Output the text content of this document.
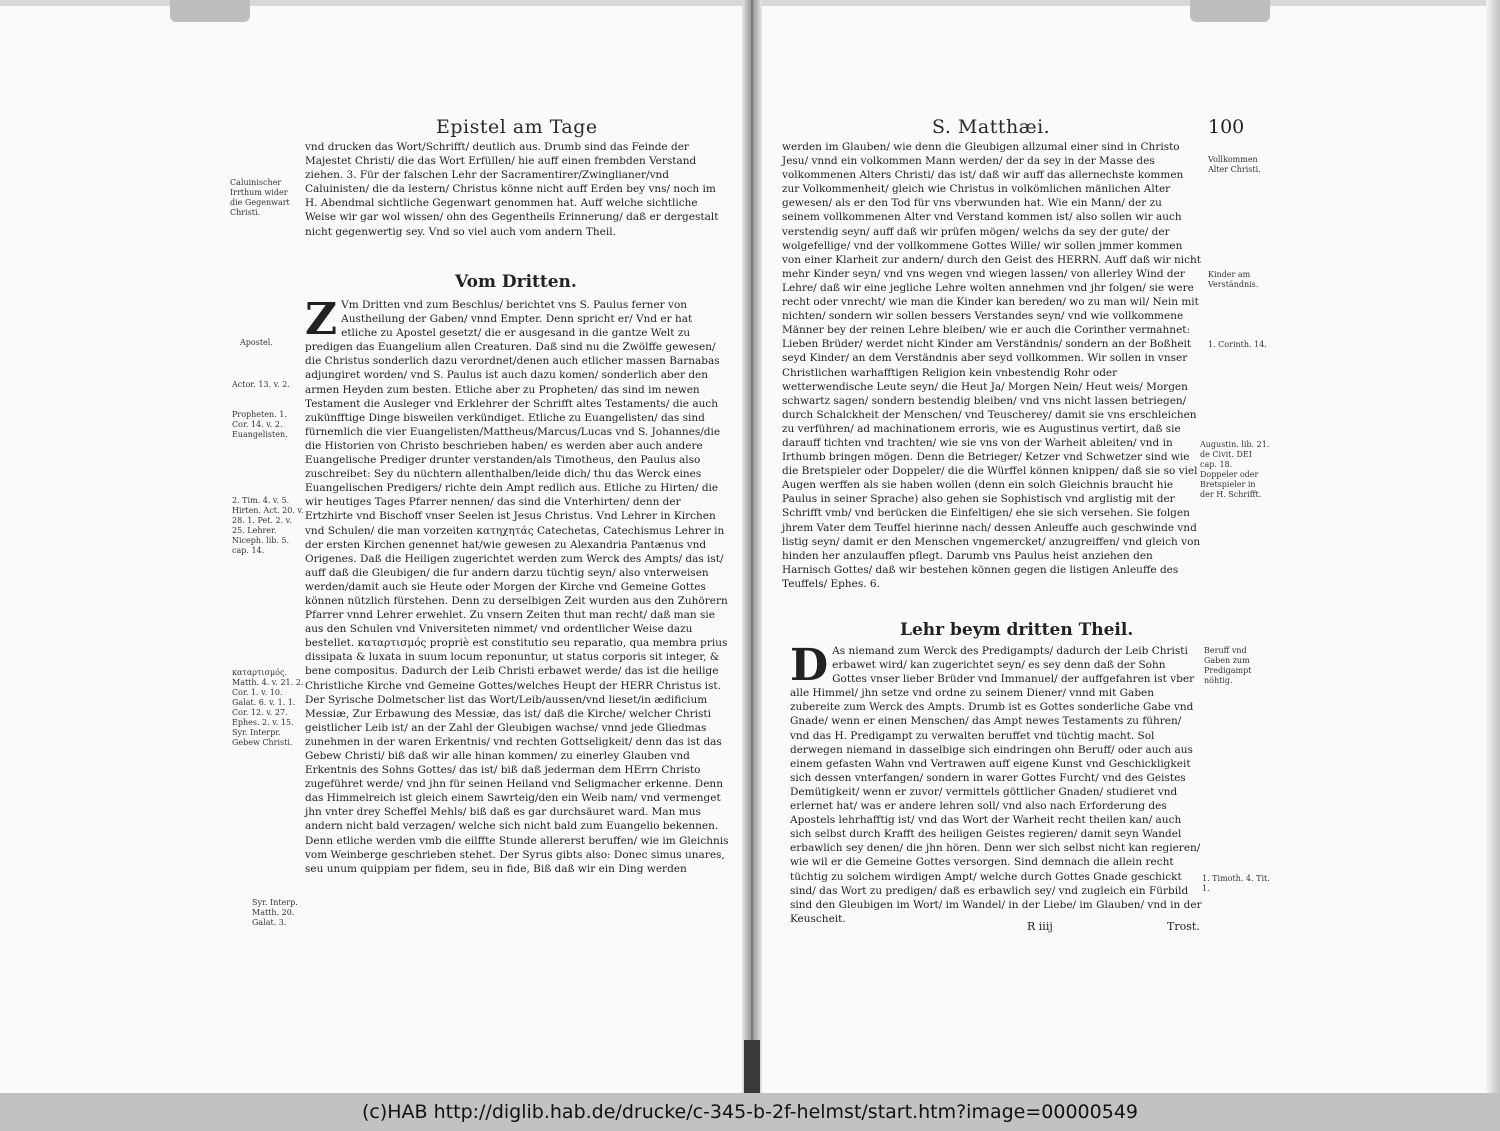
Epistel am Tage

vnd drucken das Wort/Schrifft/ deutlich aus. Drumb sind das Feinde der Majestet Christi/ die das Wort Erfüllen/ hie auff einen frembden Verstand ziehen. 3. Für der falschen Lehr der Sacramentirer/Zwinglianer/vnd Caluinisten/ die da lestern/ Christus könne nicht auff Erden bey vns/ noch im H. Abendmal sichtliche Gegenwart genommen hat. Auff welche sichtliche Weise wir gar wol wissen/ ohn des Gegentheils Erinnerung/ daß er dergestalt nicht gegenwertig sey. Vnd so viel auch vom andern Theil.

Vom Dritten.
Z Vm Dritten vnd zum Beschlus/ berichtet vns S. Paulus ferner von Austheilung der Gaben/ vnnd Empter. Denn spricht er/ Vnd er hat etliche zu Apostel gesetzt/ die er ausgesand in die gantze Welt zu predigen das Euangelium allen Creaturen. Daß sind nu die Zwölffe gewesen/ die Christus sonderlich dazu verordnet/denen auch etlicher massen Barnabas adjungiret worden/ vnd S. Paulus ist auch dazu komen/ sonderlich aber den armen Heyden zum besten. Etliche aber zu Propheten/ das sind im newen Testament die Ausleger vnd Erklehrer der Schrifft altes Testaments/ die auch zukünfftige Dinge bisweilen verkündiget. Etliche zu Euangelisten/ das sind fürnemlich die vier Euangelisten/Mattheus/Marcus/Lucas vnd S. Johannes/die die Historien von Christo beschrieben haben/ es werden aber auch andere Euangelische Prediger drunter verstanden/als Timotheus, den Paulus also zuschreibet: Sey du nüchtern allenthalben/leide dich/ thu das Werck eines Euangelischen Predigers/ richte dein Ampt redlich aus. Etliche zu Hirten/ die wir heutiges Tages Pfarrer nennen/ das sind die Vnterhirten/ denn der Ertzhirte vnd Bischoff vnser Seelen ist Jesus Christus. Vnd Lehrer in Kirchen vnd Schulen/ die man vorzeiten κατηχητάς Catechetas, Catechismus Lehrer in der ersten Kirchen genennet hat/wie gewesen zu Alexandria Pantænus vnd Origenes. Daß die Heiligen zugerichtet werden zum Werck des Ampts/ das ist/ auff daß die Gleubigen/ die fur andern darzu tüchtig seyn/ also vnterweisen werden/damit auch sie Heute oder Morgen der Kirche vnd Gemeine Gottes können nützlich fürstehen. Denn zu derselbigen Zeit wurden aus den Zuhörern Pfarrer vnnd Lehrer erwehlet. Zu vnsern Zeiten thut man recht/ daß man sie aus den Schulen vnd Vniversiteten nimmet/ vnd ordentlicher Weise dazu bestellet. καταρτισμός propriè est constitutio seu reparatio, qua membra prius dissipata & luxata in suum locum reponuntur, ut status corporis sit integer, & bene compositus. Dadurch der Leib Christi erbawet werde/ das ist die heilige Christliche Kirche vnd Gemeine Gottes/welches Heupt der HERR Christus ist. Der Syrische Dolmetscher list das Wort/Leib/aussen/vnd lieset/in ædificium Messiæ, Zur Erbawung des Messiæ, das ist/ daß die Kirche/ welcher Christi geistlicher Leib ist/ an der Zahl der Gleubigen wachse/ vnnd jede Gliedmas zunehmen in der waren Erkentnis/ vnd rechten Gottseligkeit/ denn das ist das Gebew Christi/ biß daß wir alle hinan kommen/ zu einerley Glauben vnd Erkentnis des Sohns Gottes/ das ist/ biß daß jederman dem HErrn Christo zugeführet werde/ vnd jhn für seinen Heiland vnd Seligmacher erkenne. Denn das Himmelreich ist gleich einem Sawrteig/den ein Weib nam/ vnd vermenget jhn vnter drey Scheffel Mehls/ biß daß es gar durchsäuret ward. Man mus andern nicht bald verzagen/ welche sich nicht bald zum Euangelio bekennen. Denn etliche werden vmb die eilffte Stunde allererst beruffen/ wie im Gleichnis vom Weinberge geschrieben stehet. Der Syrus gibts also: Donec simus unares, seu unum quippiam per fidem, seu in fide, Biß daß wir ein Ding werden

Caluinischer Irrthum wider die Gegenwart Christi.
Apostel.
Actor. 13. v. 2.
Propheten. 1. Cor. 14. v. 2. Euangelisten.
2. Tim. 4. v. 5. Hirten. Act. 20. v. 28. 1. Pet. 2. v. 25. Lehrer. Niceph. lib. 5. cap. 14.
καταρτισμός. Matth. 4. v. 21. 2. Cor. 1. v. 10. Galat. 6. v. 1. 1. Cor. 12. v. 27. Ephes. 2. v. 15. Syr. Interpr. Gebew Christi.
Syr. Interp. Matth. 20. Galat. 3.
S. Matthæi.	100

werden im Glauben/ wie denn die Gleubigen allzumal einer sind in Christo Jesu/ vnnd ein volkommen Mann werden/ der da sey in der Masse des volkommenen Alters Christi/ das ist/ daß wir auff das allernechste kommen zur Volkommenheit/ gleich wie Christus in volkömlichen mänlichen Alter gewesen/ als er den Tod für vns vberwunden hat. Wie ein Mann/ der zu seinem vollkommenen Alter vnd Verstand kommen ist/ also sollen wir auch verstendig seyn/ auff daß wir prüfen mögen/ welchs da sey der gute/ der wolgefellige/ vnd der vollkommene Gottes Wille/ wir sollen jmmer kommen von einer Klarheit zur andern/ durch den Geist des HERRN. Auff daß wir nicht mehr Kinder seyn/ vnd vns wegen vnd wiegen lassen/ von allerley Wind der Lehre/ daß wir eine jegliche Lehre wolten annehmen vnd jhr folgen/ sie were recht oder vnrecht/ wie man die Kinder kan bereden/ wo zu man wil/ Nein mit nichten/ sondern wir sollen bessers Verstandes seyn/ vnd wie vollkommene Männer bey der reinen Lehre bleiben/ wie er auch die Corinther vermahnet: Lieben Brüder/ werdet nicht Kinder am Verständnis/ sondern an der Boßheit seyd Kinder/ an dem Verständnis aber seyd vollkommen. Wir sollen in vnser Christlichen warhafftigen Religion kein vnbestendig Rohr oder wetterwendische Leute seyn/ die Heut Ja/ Morgen Nein/ Heut weis/ Morgen schwartz sagen/ sondern bestendig bleiben/ vnd vns nicht lassen betriegen/ durch Schalckheit der Menschen/ vnd Teuscherey/ damit sie vns erschleichen zu verführen/ ad machinationem erroris, wie es Augustinus vertirt, daß sie darauff tichten vnd trachten/ wie sie vns von der Warheit ableiten/ vnd in Irthumb bringen mögen. Denn die Betrieger/ Ketzer vnd Schwetzer sind wie die Bretspieler oder Doppeler/ die die Würffel können knippen/ daß sie so viel Augen werffen als sie haben wollen (denn ein solch Gleichnis braucht hie Paulus in seiner Sprache) also gehen sie Sophistisch vnd arglistig mit der Schrifft vmb/ vnd berücken die Einfeltigen/ ehe sie sich versehen. Sie folgen jhrem Vater dem Teuffel hierinne nach/ dessen Anleuffe auch geschwinde vnd listig seyn/ damit er den Menschen vngemercket/ anzugreiffen/ vnd gleich von hinden her anzulauffen pflegt. Darumb vns Paulus heist anziehen den Harnisch Gottes/ daß wir bestehen können gegen die listigen Anleuffe des Teuffels/ Ephes. 6.

Lehr beym dritten Theil.
D As niemand zum Werck des Predigampts/ dadurch der Leib Christi erbawet wird/ kan zugerichtet seyn/ es sey denn daß der Sohn Gottes vnser lieber Brüder vnd Immanuel/ der auffgefahren ist vber alle Himmel/ jhn setze vnd ordne zu seinem Diener/ vnnd mit Gaben zubereite zum Werck des Ampts. Drumb ist es Gottes sonderliche Gabe vnd Gnade/ wenn er einen Menschen/ das Ampt newes Testaments zu führen/ vnd das H. Predigampt zu verwalten beruffet vnd tüchtig macht. Sol derwegen niemand in dasselbige sich eindringen ohn Beruff/ oder auch aus einem gefasten Wahn vnd Vertrawen auff eigene Kunst vnd Geschickligkeit sich dessen vnterfangen/ sondern in warer Gottes Furcht/ vnd des Geistes Demütigkeit/ wenn er zuvor/ vermittels göttlicher Gnaden/ studieret vnd erlernet hat/ was er andere lehren soll/ vnd also nach Erforderung des Apostels lehrhafftig ist/ vnd das Wort der Warheit recht theilen kan/ auch sich selbst durch Krafft des heiligen Geistes regieren/ damit seyn Wandel erbawlich sey denen/ die jhn hören. Denn wer sich selbst nicht kan regieren/ wie wil er die Gemeine Gottes versorgen. Sind demnach die allein recht tüchtig zu solchem wirdigen Ampt/ welche durch Gottes Gnade geschickt sind/ das Wort zu predigen/ daß es erbawlich sey/ vnd zugleich ein Fürbild sind den Gleubigen im Wort/ im Wandel/ in der Liebe/ im Glauben/ vnd in der Keuscheit.

R iiij	Trost.
Vollkommen Alter Christi.
Kinder am Verständnis.
1. Corinth. 14.
Augustin. lib. 21. de Civit. DEI cap. 18. Doppeler oder Bretspieler in der H. Schrifft.
Beruff vnd Gaben zum Predigampt nöhtig.
1. Timoth. 4. Tit. 1.
(c)HAB http://diglib.hab.de/drucke/c-345-b-2f-helmst/start.htm?image=00000549
